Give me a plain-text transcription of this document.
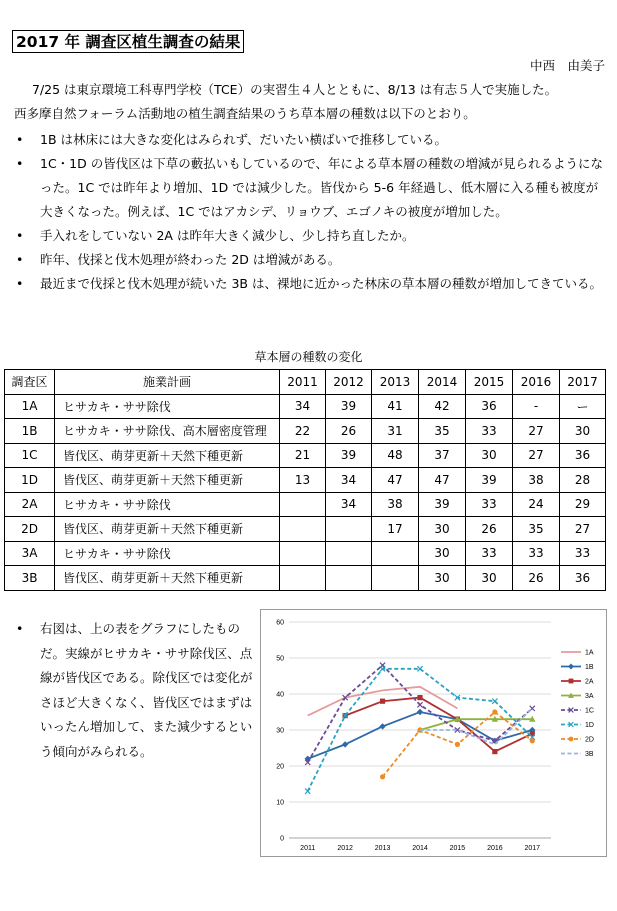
2017 年 調査区植生調査の結果
中西　由美子
7/25 は東京環境工科専門学校（TCE）の実習生４人とともに、8/13 は有志５人で実施した。
西多摩自然フォーラム活動地の植生調査結果のうち草本層の種数は以下のとおり。
• 1B は林床には大きな変化はみられず、だいたい横ばいで推移している。
• 1C・1D の皆伐区は下草の藪払いもしているので、年による草本層の種数の増減が見られるようになった。1C では昨年より増加、1D では減少した。皆伐から 5-6 年経過し、低木層に入る種も被度が大きくなった。例えば、1C ではアカシデ、リョウブ、エゴノキの被度が増加した。
• 手入れをしていない 2A は昨年大きく減少し、少し持ち直したか。
• 昨年、伐採と伐木処理が終わった 2D は増減がある。
• 最近まで伐採と伐木処理が続いた 3B は、裸地に近かった林床の草本層の種数が増加してきている。
草本層の種数の変化
調査区	施業計画	2011	2012	2013	2014	2015	2016	2017
1A	ヒサカキ・ササ除伐	34	39	41	42	36	-	ー
1B	ヒサカキ・ササ除伐、高木層密度管理	22	26	31	35	33	27	30
1C	皆伐区、萌芽更新＋天然下種更新	21	39	48	37	30	27	36
1D	皆伐区、萌芽更新＋天然下種更新	13	34	47	47	39	38	28
2A	ヒサカキ・ササ除伐		34	38	39	33	24	29
2D	皆伐区、萌芽更新＋天然下種更新			17	30	26	35	27
3A	ヒサカキ・ササ除伐				30	33	33	33
3B	皆伐区、萌芽更新＋天然下種更新				30	30	26	36
• 右図は、上の表をグラフにしたものだ。実線がヒサカキ・ササ除伐区、点線が皆伐区である。除伐区では変化がさほど大きくなく、皆伐区ではまずはいったん増加して、また減少するという傾向がみられる。
0
10
20
30
40
50
60
2011	2012	2013	2014	2015	2016	2017
1A
1B
2A
3A
1C
1D
2D
3B
